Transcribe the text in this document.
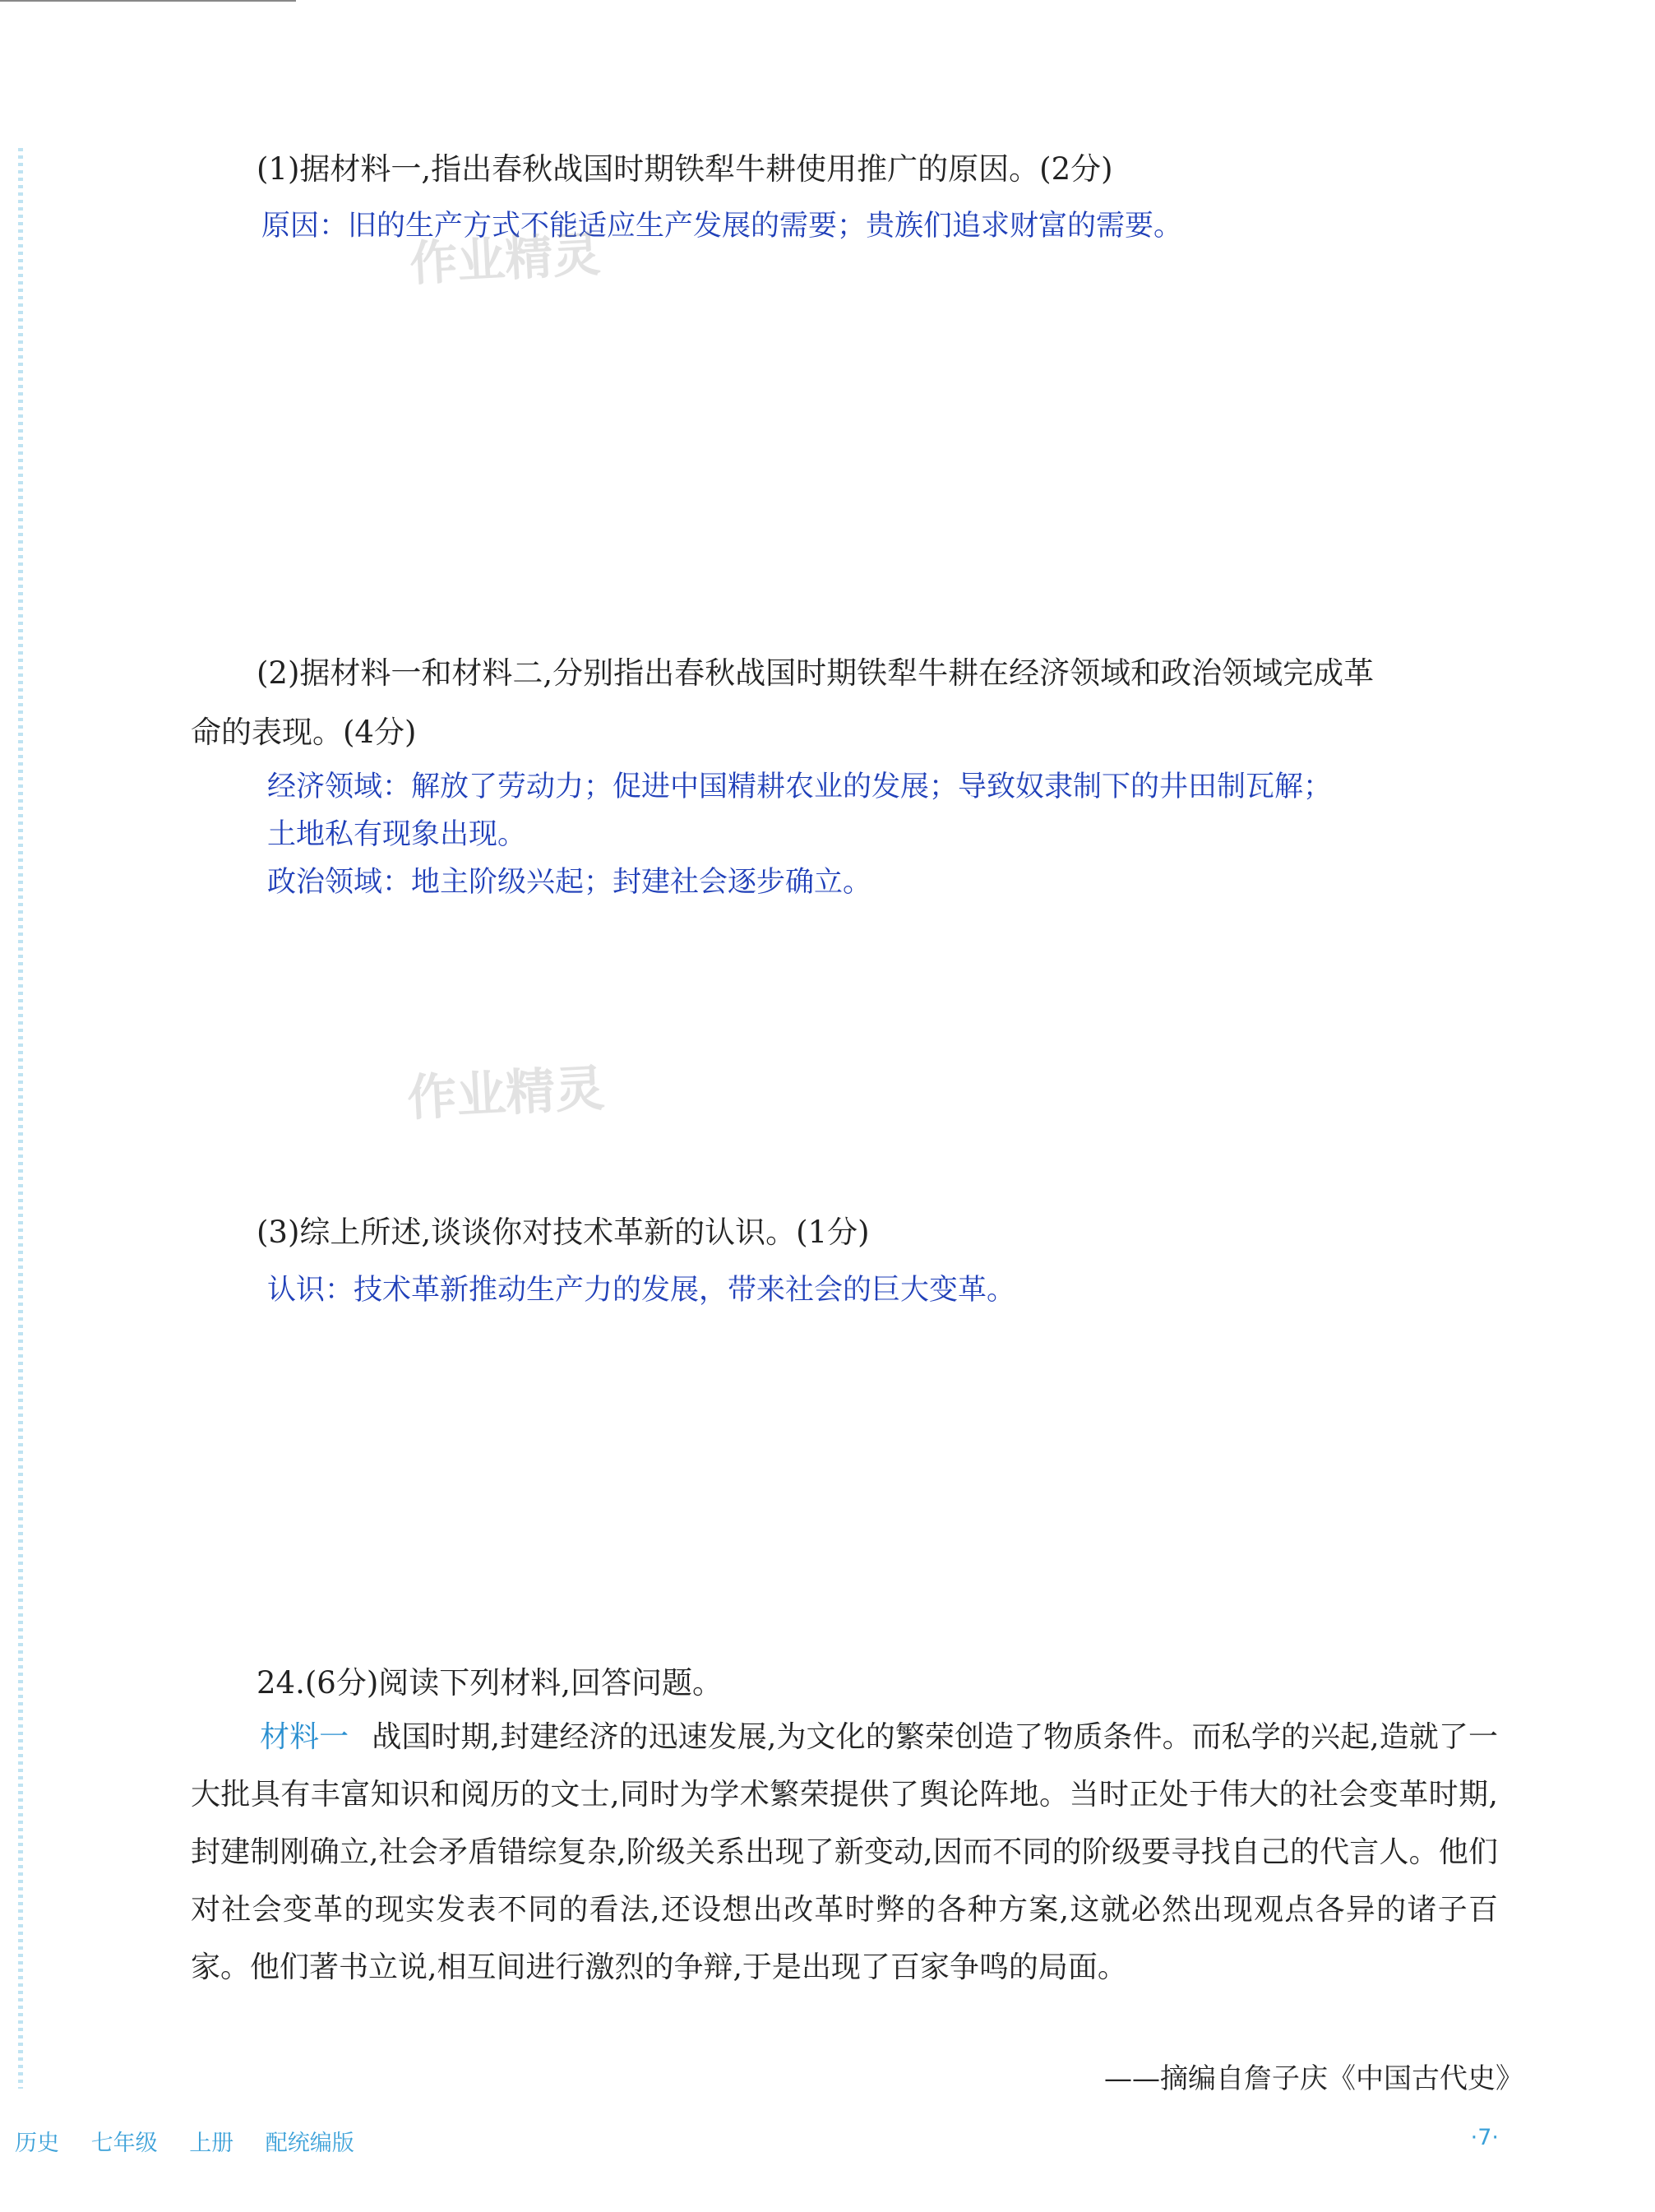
(1)据材料一,指出春秋战国时期铁犁牛耕使用推广的原因。(2分)
原因：旧的生产方式不能适应生产发展的需要；贵族们追求财富的需要。
作业精灵
(2)据材料一和材料二,分别指出春秋战国时期铁犁牛耕在经济领域和政治领域完成革
命的表现。(4分)
经济领域：解放了劳动力；促进中国精耕农业的发展；导致奴隶制下的井田制瓦解；
土地私有现象出现。
政治领域：地主阶级兴起；封建社会逐步确立。
作业精灵
(3)综上所述,谈谈你对技术革新的认识。(1分)
认识：技术革新推动生产力的发展，带来社会的巨大变革。
24.(6分)阅读下列材料,回答问题。
材料一 战国时期,封建经济的迅速发展,为文化的繁荣创造了物质条件。而私学的兴起,造就了一大批具有丰富知识和阅历的文士,同时为学术繁荣提供了舆论阵地。当时正处于伟大的社会变革时期,封建制刚确立,社会矛盾错综复杂,阶级关系出现了新变动,因而不同的阶级要寻找自己的代言人。他们对社会变革的现实发表不同的看法,还设想出改革时弊的各种方案,这就必然出现观点各异的诸子百家。他们著书立说,相互间进行激烈的争辩,于是出现了百家争鸣的局面。
——摘编自詹子庆《中国古代史》
历史 七年级 上册 配统编版	·7·
